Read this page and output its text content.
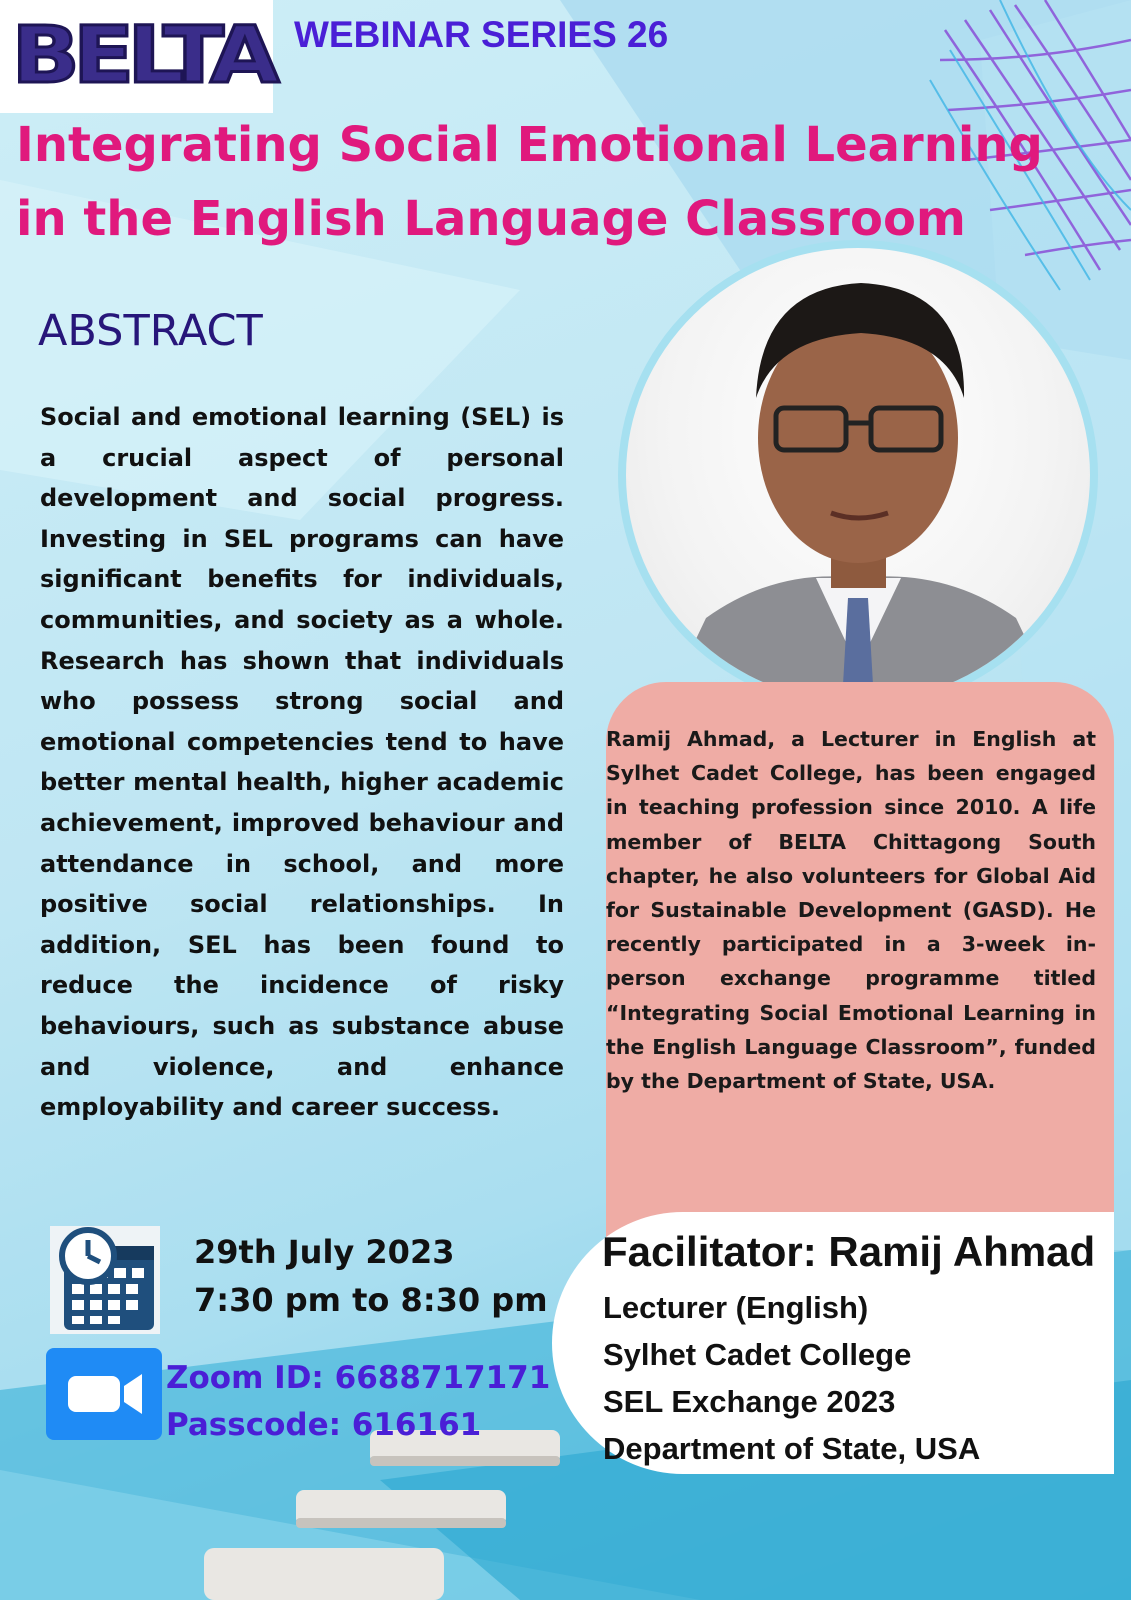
BELTA WEBINAR SERIES 26
Integrating Social Emotional Learning
in the English Language Classroom
ABSTRACT
Social and emotional learning (SEL) is a crucial aspect of personal development and social progress. Investing in SEL programs can have significant benefits for individuals, communities, and society as a whole. Research has shown that individuals who possess strong social and emotional competencies tend to have better mental health, higher academic achievement, improved behaviour and attendance in school, and more positive social relationships. In addition, SEL has been found to reduce the incidence of risky behaviours, such as substance abuse and violence, and enhance employability and career success.
Ramij Ahmad, a Lecturer in English at Sylhet Cadet College, has been engaged in teaching profession since 2010. A life member of BELTA Chittagong South chapter, he also volunteers for Global Aid for Sustainable Development (GASD). He recently participated in a 3-week in-person exchange programme titled “Integrating Social Emotional Learning in the English Language Classroom”, funded by the Department of State, USA.
Facilitator: Ramij Ahmad
Lecturer (English)
Sylhet Cadet College
SEL Exchange 2023
Department of State, USA
29th July 2023
7:30 pm to 8:30 pm
Zoom ID: 6688717171
Passcode: 616161
